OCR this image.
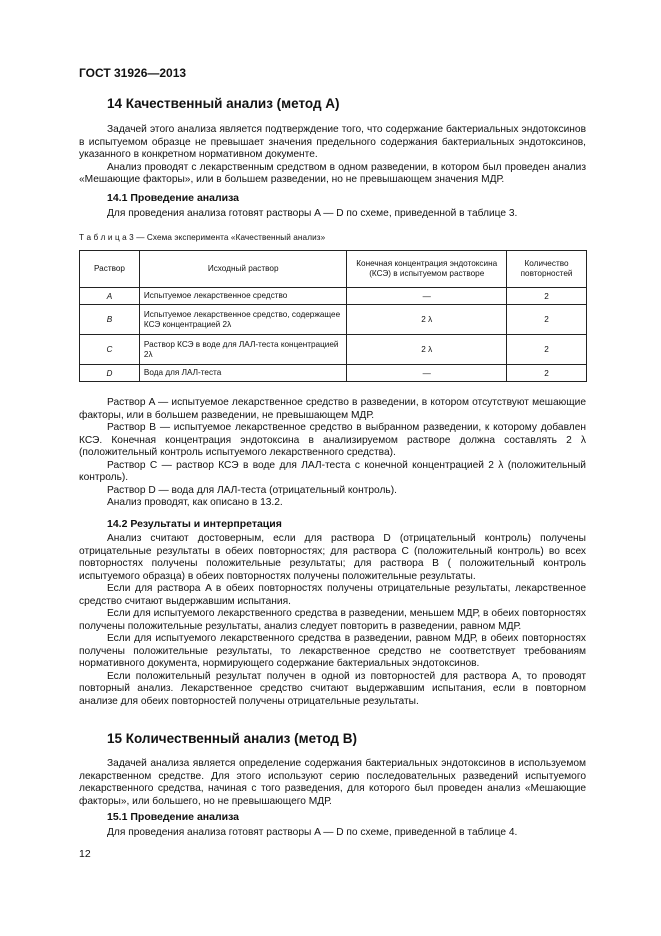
ГОСТ 31926—2013
14 Качественный анализ (метод A)

Задачей этого анализа является подтверждение того, что содержание бактериальных эндотоксинов в испытуемом образце не превышает значения предельного содержания бактериальных эндотоксинов, указанного в конкретном нормативном документе.

Анализ проводят с лекарственным средством в одном разведении, в котором был проведен анализ «Мешающие факторы», или в большем разведении, но не превышающем значения МДР.

14.1 Проведение анализа

Для проведения анализа готовят растворы A — D по схеме, приведенной в таблице 3.

Т а б л и ц а 3 — Схема эксперимента «Качественный анализ»
Раствор	Исходный раствор	Конечная концентрация эндотоксина (КСЭ) в испытуемом растворе	Количество повторностей
A	Испытуемое лекарственное средство	—	2
B	Испытуемое лекарственное средство, содержащее КСЭ концентрацией 2λ	2 λ	2
C	Раствор КСЭ в воде для ЛАЛ-теста концентрацией 2λ	2 λ	2
D	Вода для ЛАЛ-теста	—	2

Раствор A — испытуемое лекарственное средство в разведении, в котором отсутствуют мешающие факторы, или в большем разведении, не превышающем МДР.

Раствор B — испытуемое лекарственное средство в выбранном разведении, к которому добавлен КСЭ. Конечная концентрация эндотоксина в анализируемом растворе должна составлять 2 λ (положительный контроль испытуемого лекарственного средства).

Раствор C — раствор КСЭ в воде для ЛАЛ-теста с конечной концентрацией 2 λ (положительный контроль).

Раствор D — вода для ЛАЛ-теста (отрицательный контроль).

Анализ проводят, как описано в 13.2.

14.2 Результаты и интерпретация

Анализ считают достоверным, если для раствора D (отрицательный контроль) получены отрицательные результаты в обеих повторностях; для раствора C (положительный контроль) во всех повторностях получены положительные результаты; для раствора B ( положительный контроль испытуемого образца) в обеих повторностях получены положительные результаты.

Если для раствора A в обеих повторностях получены отрицательные результаты, лекарственное средство считают выдержавшим испытания.

Если для испытуемого лекарственного средства в разведении, меньшем МДР, в обеих повторностях получены положительные результаты, анализ следует повторить в разведении, равном МДР.

Если для испытуемого лекарственного средства в разведении, равном МДР, в обеих повторностях получены положительные результаты, то лекарственное средство не соответствует требованиям нормативного документа, нормирующего содержание бактериальных эндотоксинов.

Если положительный результат получен в одной из повторностей для раствора A, то проводят повторный анализ. Лекарственное средство считают выдержавшим испытания, если в повторном анализе для обеих повторностей получены отрицательные результаты.

15 Количественный анализ (метод B)

Задачей анализа является определение содержания бактериальных эндотоксинов в используемом лекарственном средстве. Для этого используют серию последовательных разведений испытуемого лекарственного средства, начиная с того разведения, для которого был проведен анализ «Мешающие факторы», или большего, но не превышающего МДР.

15.1 Проведение анализа

Для проведения анализа готовят растворы A — D по схеме, приведенной в таблице 4.

12
